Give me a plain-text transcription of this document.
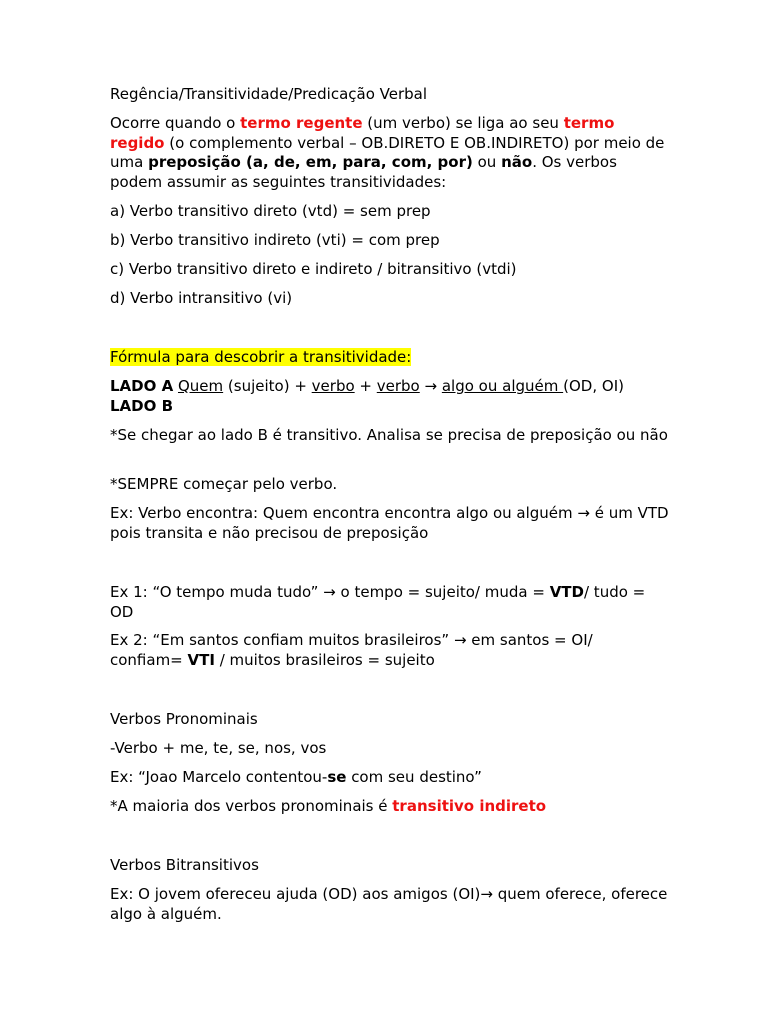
Regência/Transitividade/Predicação Verbal

Ocorre quando o termo regente (um verbo) se liga ao seu termo regido (o complemento verbal – OB.DIRETO E OB.INDIRETO) por meio de uma preposição (a, de, em, para, com, por) ou não. Os verbos podem assumir as seguintes transitividades:

a) Verbo transitivo direto (vtd) = sem prep

b) Verbo transitivo indireto (vti) = com prep

c) Verbo transitivo direto e indireto / bitransitivo (vtdi)

d) Verbo intransitivo (vi)

Fórmula para descobrir a transitividade:

LADO A Quem (sujeito) + verbo + verbo → algo ou alguém (OD, OI)
LADO B

*Se chegar ao lado B é transitivo. Analisa se precisa de preposição ou não

*SEMPRE começar pelo verbo.

Ex: Verbo encontra: Quem encontra encontra algo ou alguém → é um VTD pois transita e não precisou de preposição

Ex 1: “O tempo muda tudo” → o tempo = sujeito/ muda = VTD/ tudo = OD

Ex 2: “Em santos confiam muitos brasileiros” → em santos = OI/ confiam= VTI / muitos brasileiros = sujeito

Verbos Pronominais

-Verbo + me, te, se, nos, vos

Ex: “Joao Marcelo contentou-se com seu destino”

*A maioria dos verbos pronominais é transitivo indireto

Verbos Bitransitivos

Ex: O jovem ofereceu ajuda (OD) aos amigos (OI)→ quem oferece, oferece algo à alguém.
